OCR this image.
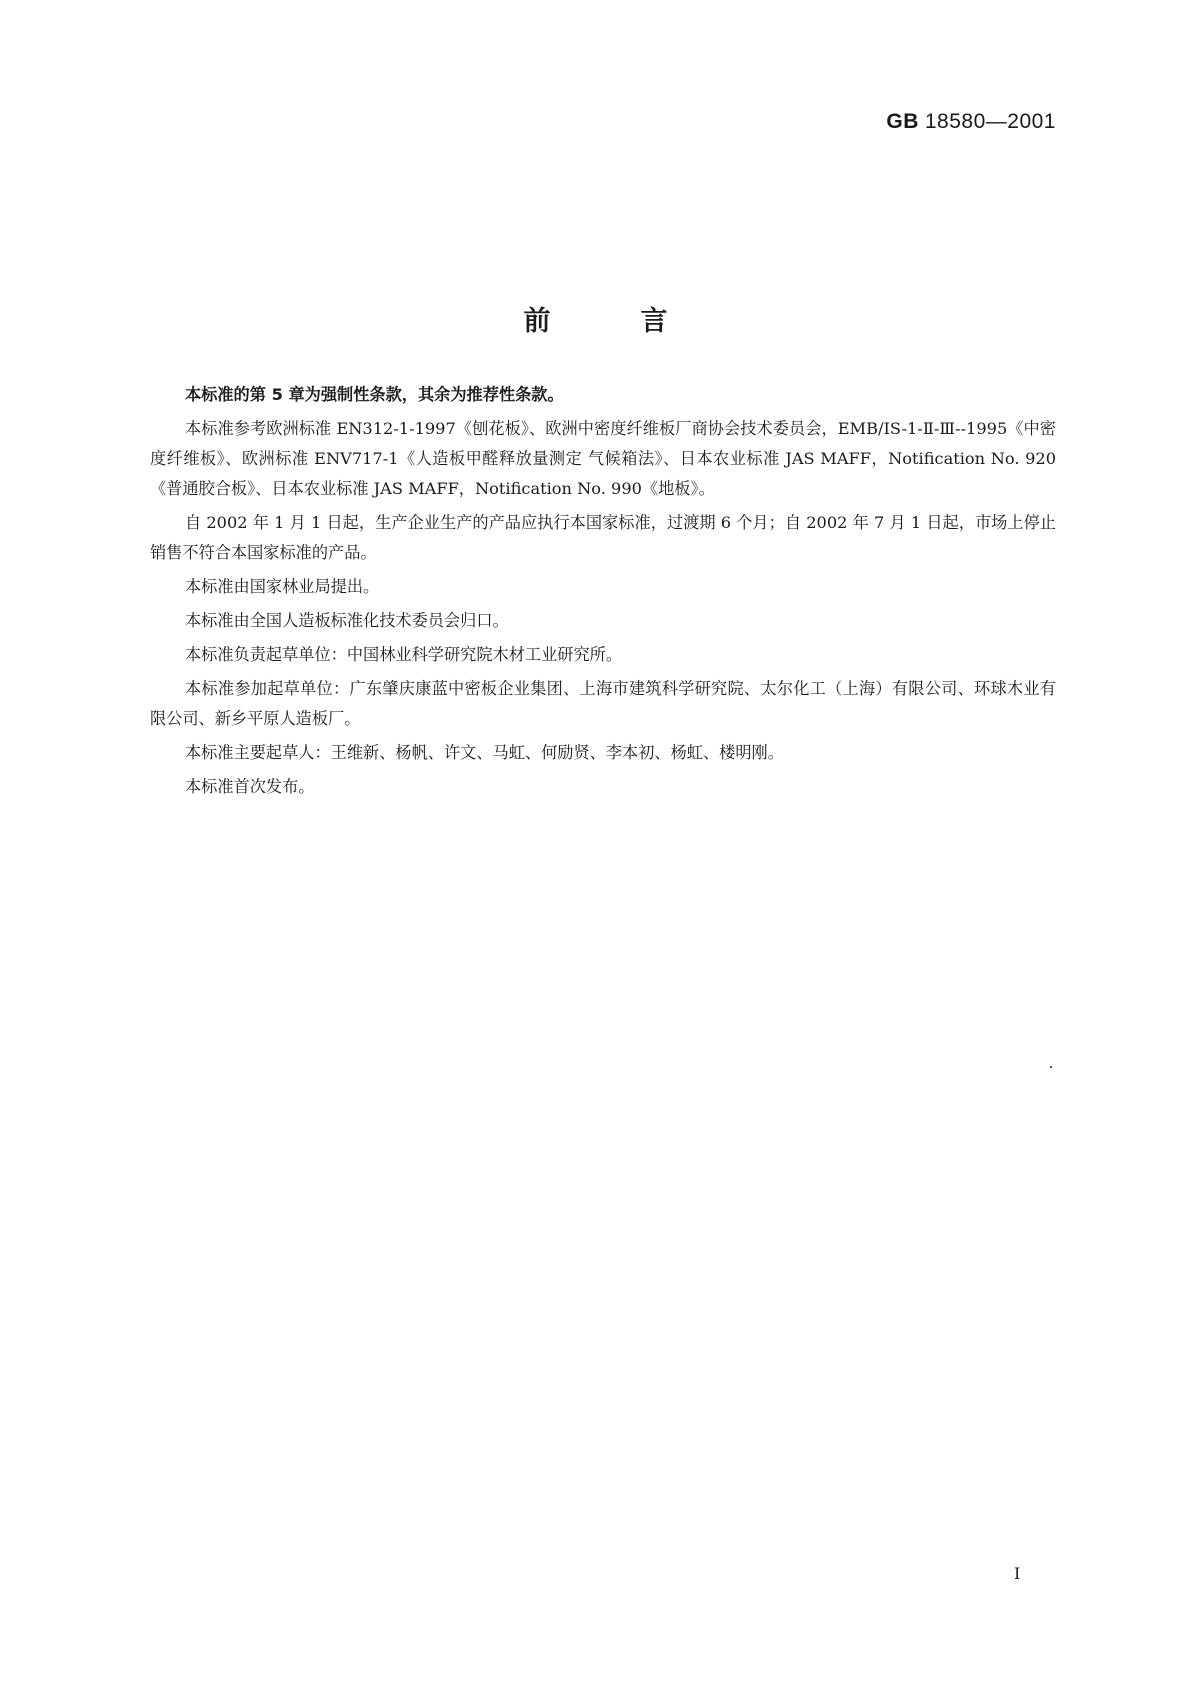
GB 18580—2001
前言

本标准的第 5 章为强制性条款，其余为推荐性条款。

本标准参考欧洲标准 EN312-1-1997《刨花板》、欧洲中密度纤维板厂商协会技术委员会，EMB/IS-1-Ⅱ-Ⅲ--1995《中密度纤维板》、欧洲标准 ENV717-1《人造板甲醛释放量测定 气候箱法》、日本农业标准 JAS MAFF，Notification No. 920《普通胶合板》、日本农业标准 JAS MAFF，Notification No. 990《地板》。

自 2002 年 1 月 1 日起，生产企业生产的产品应执行本国家标准，过渡期 6 个月；自 2002 年 7 月 1 日起，市场上停止销售不符合本国家标准的产品。

本标准由国家林业局提出。

本标准由全国人造板标准化技术委员会归口。

本标准负责起草单位：中国林业科学研究院木材工业研究所。

本标准参加起草单位：广东肇庆康蓝中密板企业集团、上海市建筑科学研究院、太尔化工（上海）有限公司、环球木业有限公司、新乡平原人造板厂。

本标准主要起草人：王维新、杨帆、许文、马虹、何励贤、李本初、杨虹、楼明刚。

本标准首次发布。

I
